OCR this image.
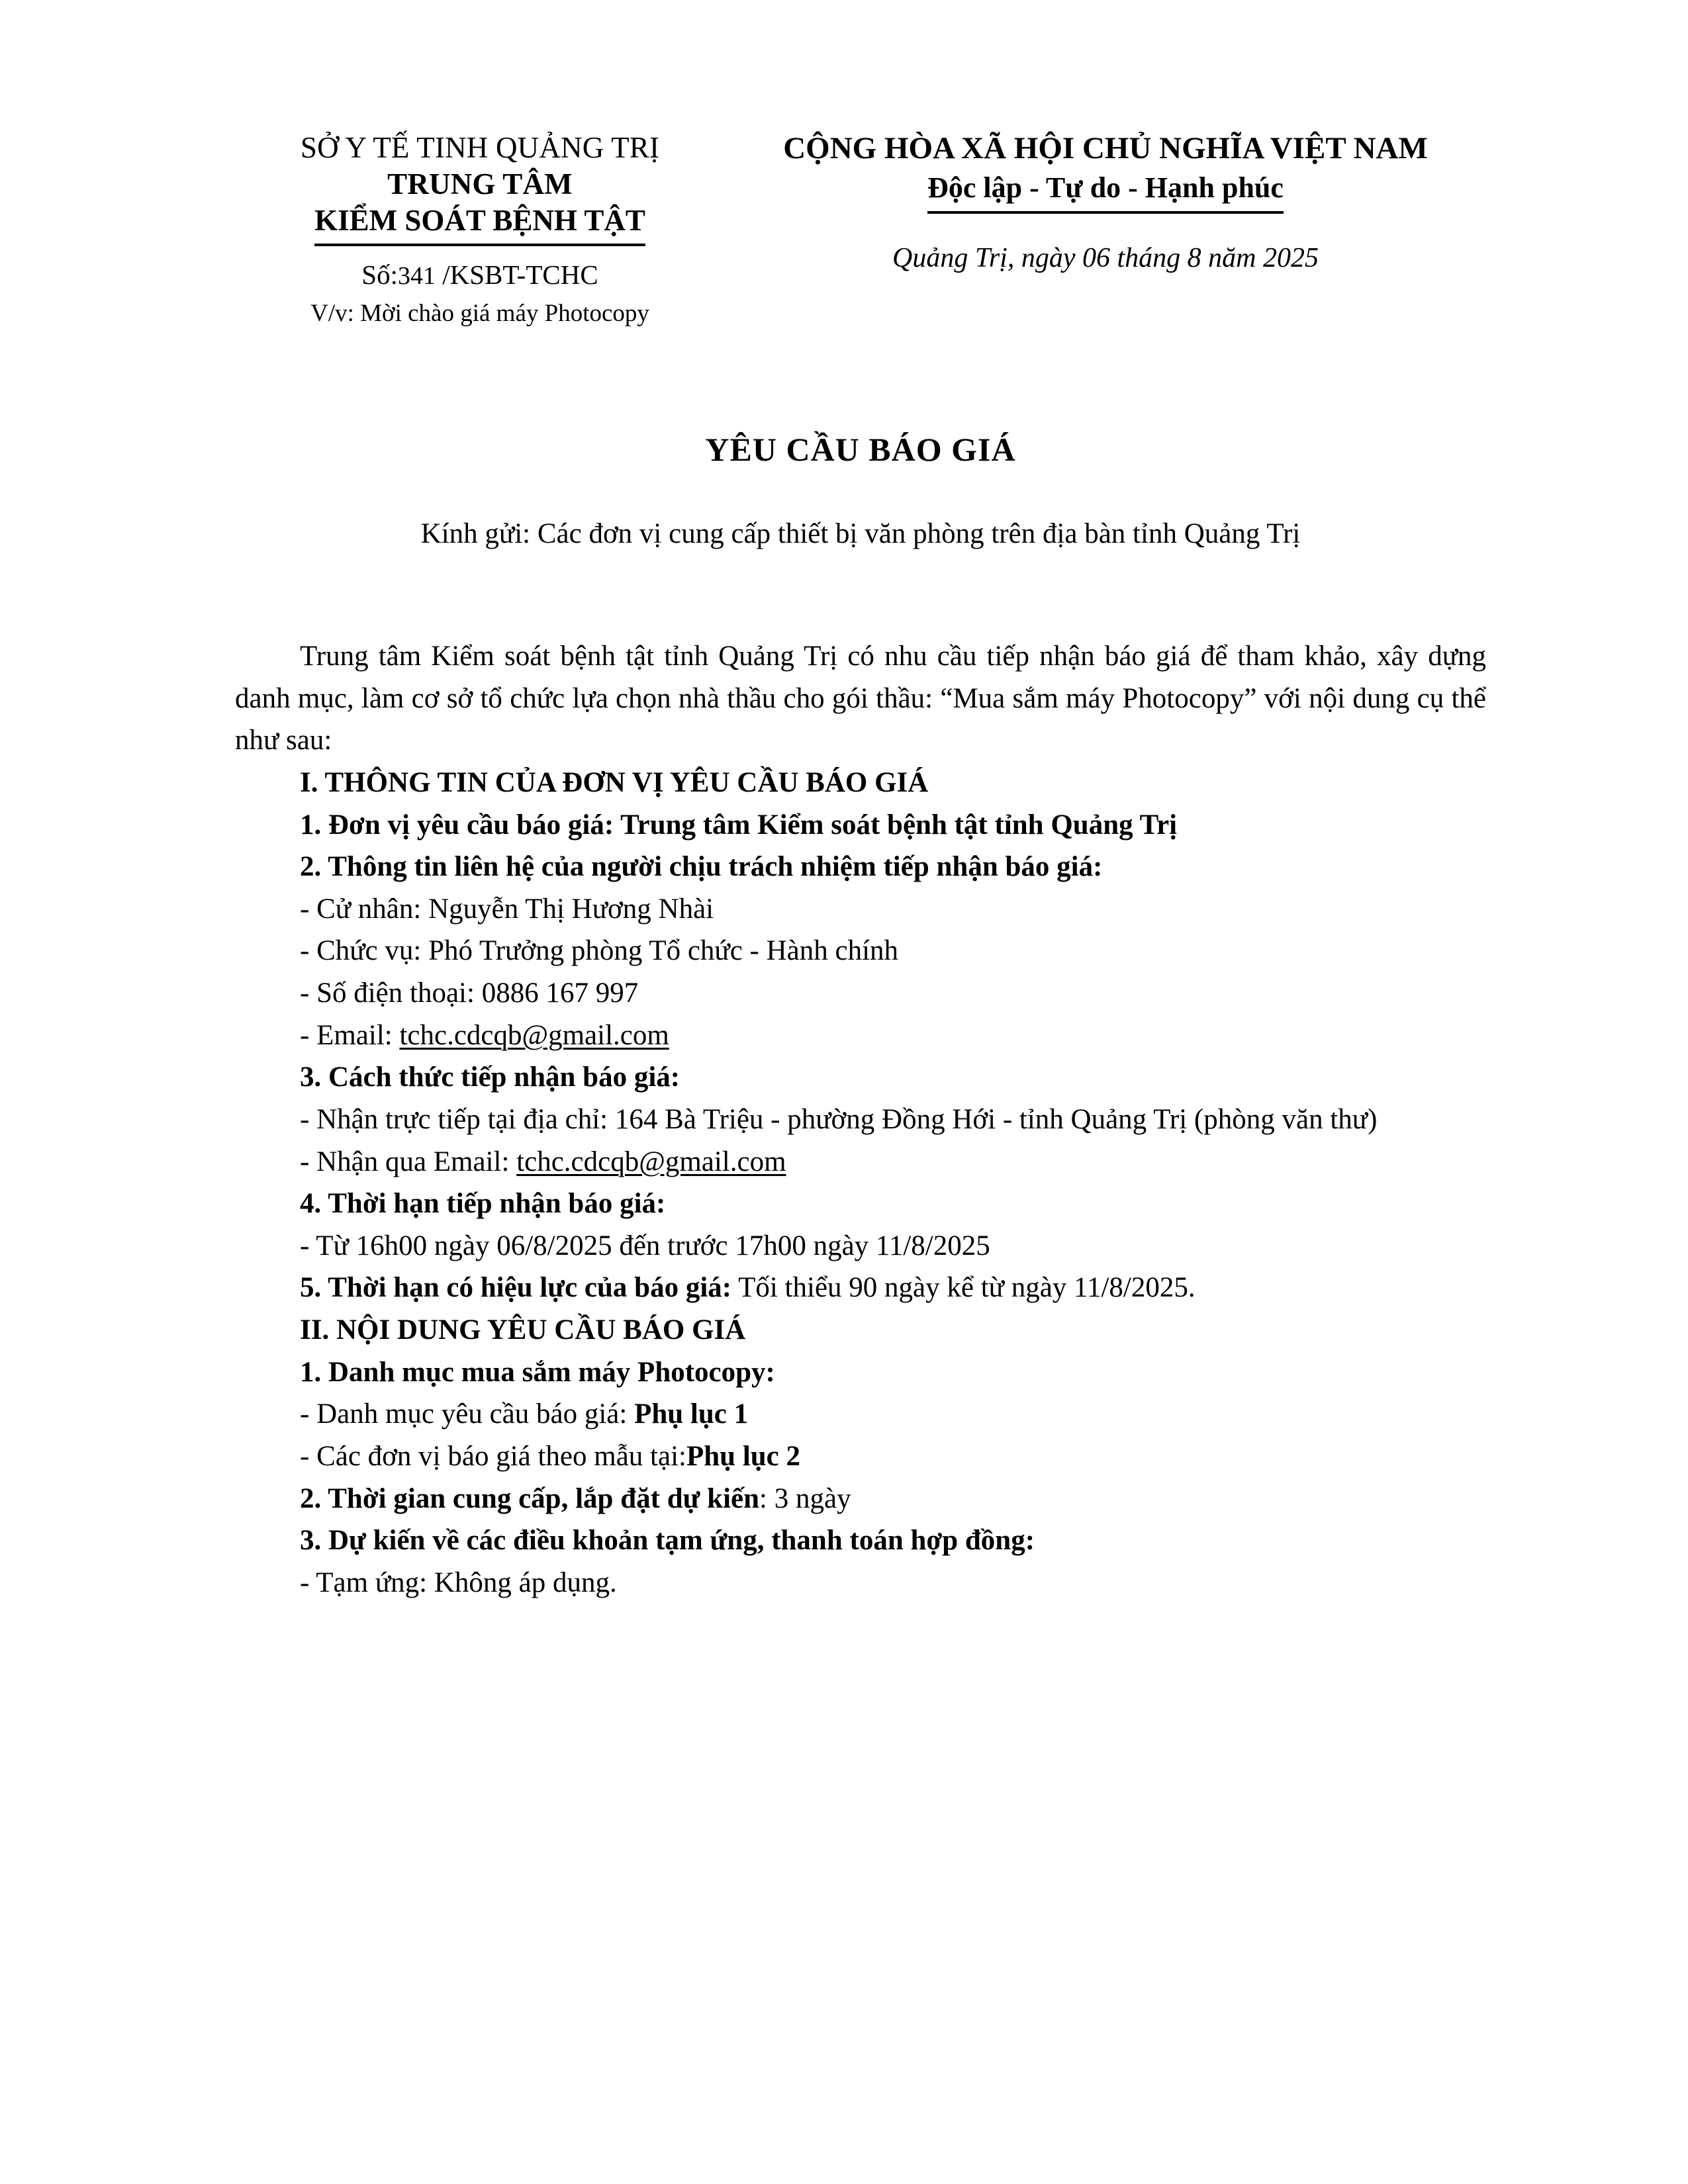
SỞ Y TẾ TINH QUẢNG TRỊ
TRUNG TÂM
KIỂM SOÁT BỆNH TẬT
Số:341 /KSBT-TCHC
V/v: Mời chào giá máy Photocopy
CỘNG HÒA XÃ HỘI CHỦ NGHĨA VIỆT NAM
Độc lập - Tự do - Hạnh phúc
Quảng Trị, ngày 06 tháng 8 năm 2025
YÊU CẦU BÁO GIÁ
Kính gửi: Các đơn vị cung cấp thiết bị văn phòng trên địa bàn tỉnh Quảng Trị

Trung tâm Kiểm soát bệnh tật tỉnh Quảng Trị có nhu cầu tiếp nhận báo giá để tham khảo, xây dựng danh mục, làm cơ sở tổ chức lựa chọn nhà thầu cho gói thầu: “Mua sắm máy Photocopy” với nội dung cụ thể như sau:

I. THÔNG TIN CỦA ĐƠN VỊ YÊU CẦU BÁO GIÁ

1. Đơn vị yêu cầu báo giá: Trung tâm Kiểm soát bệnh tật tỉnh Quảng Trị

2. Thông tin liên hệ của người chịu trách nhiệm tiếp nhận báo giá:

- Cử nhân: Nguyễn Thị Hương Nhài

- Chức vụ: Phó Trưởng phòng Tổ chức - Hành chính

- Số điện thoại: 0886 167 997

- Email: tchc.cdcqb@gmail.com

3. Cách thức tiếp nhận báo giá:

- Nhận trực tiếp tại địa chỉ: 164 Bà Triệu - phường Đồng Hới - tỉnh Quảng Trị (phòng văn thư)

- Nhận qua Email: tchc.cdcqb@gmail.com

4. Thời hạn tiếp nhận báo giá:

- Từ 16h00 ngày 06/8/2025 đến trước 17h00 ngày 11/8/2025

5. Thời hạn có hiệu lực của báo giá: Tối thiểu 90 ngày kể từ ngày 11/8/2025.

II. NỘI DUNG YÊU CẦU BÁO GIÁ

1. Danh mục mua sắm máy Photocopy:

- Danh mục yêu cầu báo giá: Phụ lục 1

- Các đơn vị báo giá theo mẫu tại:Phụ lục 2

2. Thời gian cung cấp, lắp đặt dự kiến: 3 ngày

3. Dự kiến về các điều khoản tạm ứng, thanh toán hợp đồng:

- Tạm ứng: Không áp dụng.
